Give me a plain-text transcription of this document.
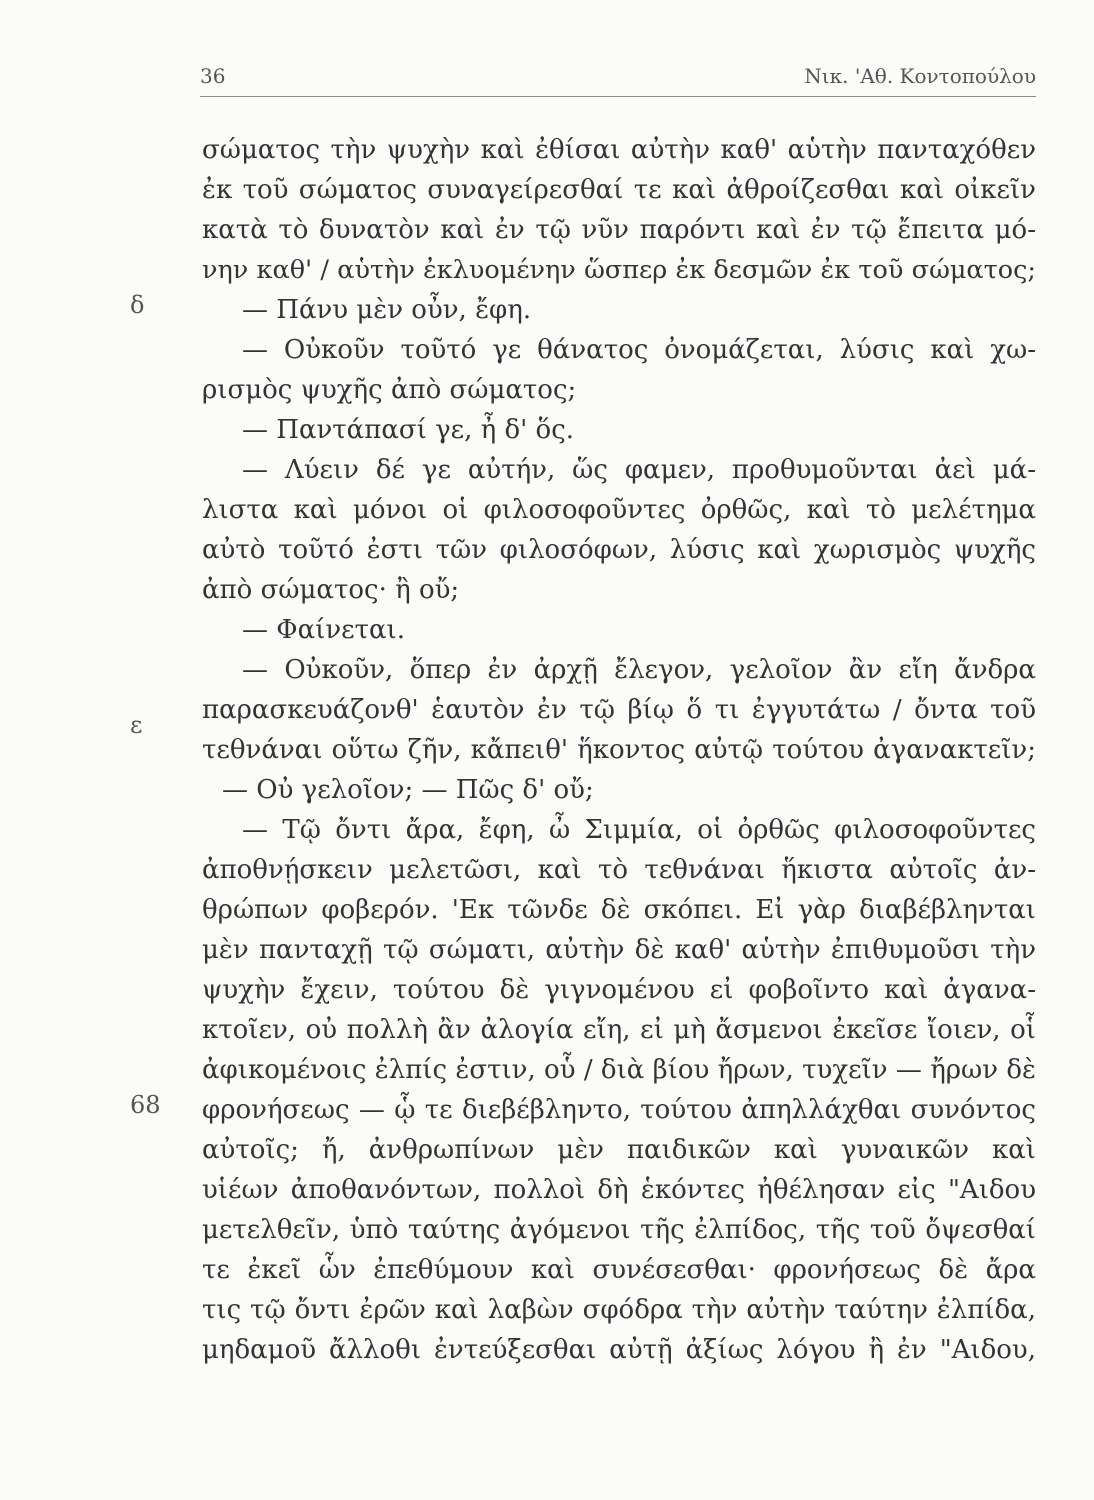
36	Νικ. 'Αθ. Κοντοπούλου
δ
ε
68
σώματος τὴν ψυχὴν καὶ ἐθίσαι αὐτὴν καθ' αὑτὴν πανταχόθεν
ἐκ τοῦ σώματος συναγείρεσθαί τε καὶ ἀθροίζεσθαι καὶ οἰκεῖν
κατὰ τὸ δυνατὸν καὶ ἐν τῷ νῦν παρόντι καὶ ἐν τῷ ἔπειτα μό-
νην καθ' / αὑτὴν ἐκλυομένην ὥσπερ ἐκ δεσμῶν ἐκ τοῦ σώματος;
— Πάνυ μὲν οὖν, ἔφη.
— Οὐκοῦν τοῦτό γε θάνατος ὀνομάζεται, λύσις καὶ χω-
ρισμὸς ψυχῆς ἀπὸ σώματος;
— Παντάπασί γε, ἦ δ' ὅς.
— Λύειν δέ γε αὐτήν, ὥς φαμεν, προθυμοῦνται ἀεὶ μά-
λιστα καὶ μόνοι οἱ φιλοσοφοῦντες ὀρθῶς, καὶ τὸ μελέτημα
αὐτὸ τοῦτό ἐστι τῶν φιλοσόφων, λύσις καὶ χωρισμὸς ψυχῆς
ἀπὸ σώματος· ἢ οὔ;
— Φαίνεται.
— Οὐκοῦν, ὅπερ ἐν ἀρχῇ ἔλεγον, γελοῖον ἂν εἴη ἄνδρα
παρασκευάζονθ' ἑαυτὸν ἐν τῷ βίῳ ὅ τι ἐγγυτάτω / ὄντα τοῦ
τεθνάναι οὕτω ζῆν, κἄπειθ' ἥκοντος αὐτῷ τούτου ἀγανακτεῖν;
— Οὐ γελοῖον; — Πῶς δ' οὔ;
— Τῷ ὄντι ἄρα, ἔφη, ὦ Σιμμία, οἱ ὀρθῶς φιλοσοφοῦντες
ἀποθνῄσκειν μελετῶσι, καὶ τὸ τεθνάναι ἥκιστα αὐτοῖς ἀν-
θρώπων φοβερόν. 'Εκ τῶνδε δὲ σκόπει. Εἰ γὰρ διαβέβληνται
μὲν πανταχῇ τῷ σώματι, αὐτὴν δὲ καθ' αὑτὴν ἐπιθυμοῦσι τὴν
ψυχὴν ἔχειν, τούτου δὲ γιγνομένου εἰ φοβοῖντο καὶ ἀγανα-
κτοῖεν, οὐ πολλὴ ἂν ἀλογία εἴη, εἰ μὴ ἄσμενοι ἐκεῖσε ἴοιεν, οἷ
ἀφικομένοις ἐλπίς ἐστιν, οὗ / διὰ βίου ἤρων, τυχεῖν — ἤρων δὲ
φρονήσεως — ᾧ τε διεβέβληντο, τούτου ἀπηλλάχθαι συνόντος
αὐτοῖς; ἤ, ἀνθρωπίνων μὲν παιδικῶν καὶ γυναικῶν καὶ
υἱέων ἀποθανόντων, πολλοὶ δὴ ἑκόντες ἠθέλησαν εἰς "Αιδου
μετελθεῖν, ὑπὸ ταύτης ἀγόμενοι τῆς ἐλπίδος, τῆς τοῦ ὄψεσθαί
τε ἐκεῖ ὧν ἐπεθύμουν καὶ συνέσεσθαι· φρονήσεως δὲ ἄρα
τις τῷ ὄντι ἐρῶν καὶ λαβὼν σφόδρα τὴν αὐτὴν ταύτην ἐλπίδα,
μηδαμοῦ ἄλλοθι ἐντεύξεσθαι αὐτῇ ἀξίως λόγου ἢ ἐν "Αιδου,
